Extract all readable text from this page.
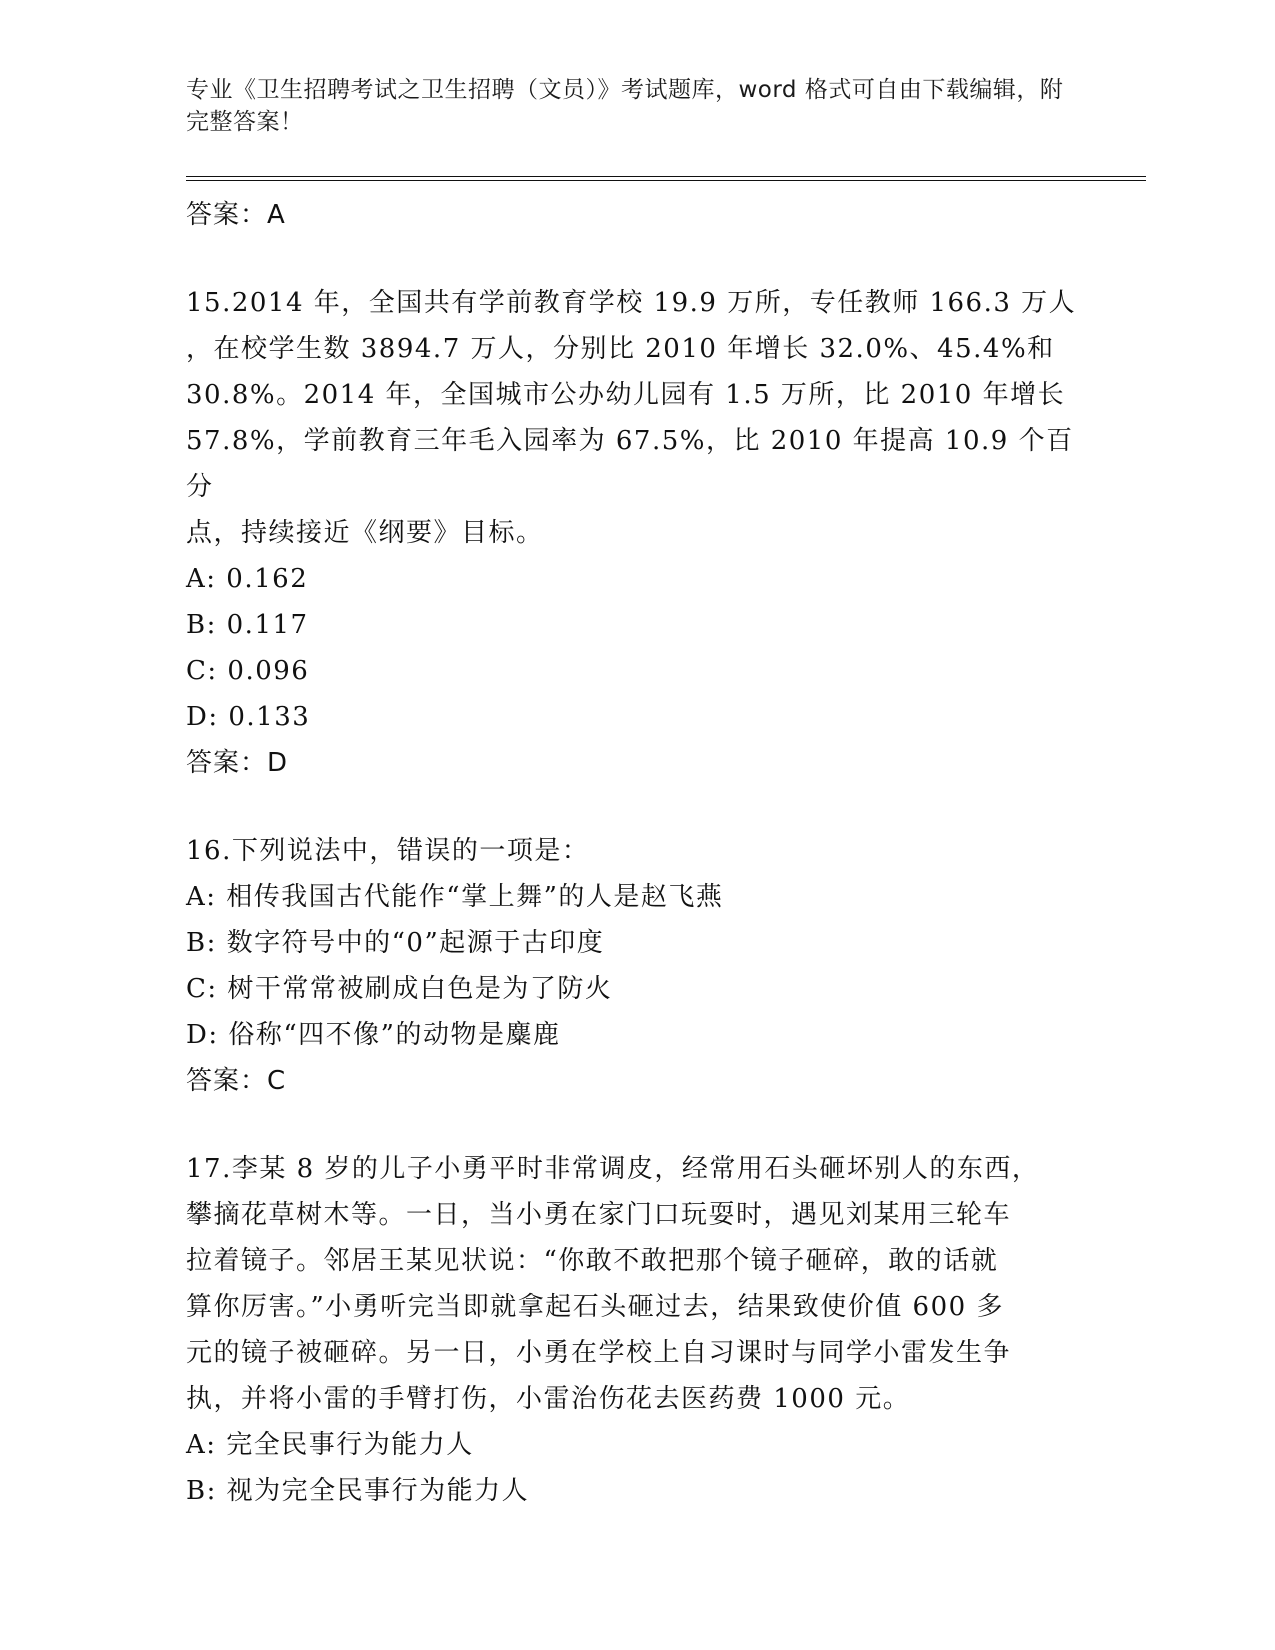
专业《卫生招聘考试之卫生招聘（文员）》考试题库，word 格式可自由下载编辑，附完整答案！
答案：A
15.2014 年，全国共有学前教育学校 19.9 万所，专任教师 166.3 万人
，在校学生数 3894.7 万人，分别比 2010 年增长 32.0%、45.4%和
30.8%。2014 年，全国城市公办幼儿园有 1.5 万所，比 2010 年增长
57.8%，学前教育三年毛入园率为 67.5%，比 2010 年提高 10.9 个百分
点，持续接近《纲要》目标。
A: 0.162
B: 0.117
C: 0.096
D: 0.133
答案：D
16.下列说法中，错误的一项是：
A: 相传我国古代能作“掌上舞”的人是赵飞燕
B: 数字符号中的“0”起源于古印度
C: 树干常常被刷成白色是为了防火
D: 俗称“四不像”的动物是麋鹿
答案：C
17.李某 8 岁的儿子小勇平时非常调皮，经常用石头砸坏别人的东西，
攀摘花草树木等。一日，当小勇在家门口玩耍时，遇见刘某用三轮车
拉着镜子。邻居王某见状说：“你敢不敢把那个镜子砸碎，敢的话就
算你厉害。”小勇听完当即就拿起石头砸过去，结果致使价值 600 多
元的镜子被砸碎。另一日，小勇在学校上自习课时与同学小雷发生争
执，并将小雷的手臂打伤，小雷治伤花去医药费 1000 元。
A: 完全民事行为能力人
B: 视为完全民事行为能力人
